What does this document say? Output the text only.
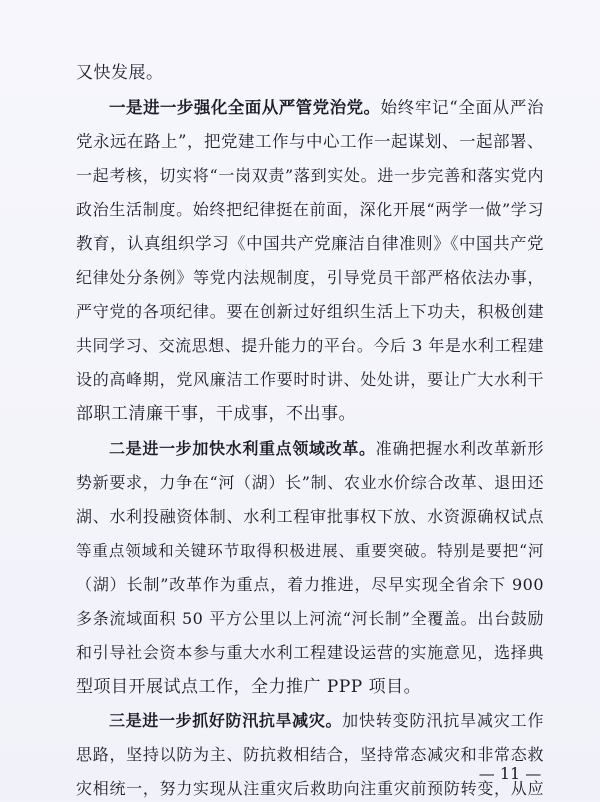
又快发展。
一是进一步强化全面从严管党治党。始终牢记“全面从严治
党永远在路上”，把党建工作与中心工作一起谋划、一起部署、
一起考核，切实将“一岗双责”落到实处。进一步完善和落实党内
政治生活制度。始终把纪律挺在前面，深化开展“两学一做”学习
教育，认真组织学习《中国共产党廉洁自律准则》《中国共产党
纪律处分条例》等党内法规制度，引导党员干部严格依法办事，
严守党的各项纪律。要在创新过好组织生活上下功夫，积极创建
共同学习、交流思想、提升能力的平台。今后 3 年是水利工程建
设的高峰期，党风廉洁工作要时时讲、处处讲，要让广大水利干
部职工清廉干事，干成事，不出事。
二是进一步加快水利重点领域改革。准确把握水利改革新形
势新要求，力争在“河（湖）长”制、农业水价综合改革、退田还
湖、水利投融资体制、水利工程审批事权下放、水资源确权试点
等重点领域和关键环节取得积极进展、重要突破。特别是要把“河
（湖）长制”改革作为重点，着力推进，尽早实现全省余下 900
多条流域面积 50 平方公里以上河流“河长制”全覆盖。出台鼓励
和引导社会资本参与重大水利工程建设运营的实施意见，选择典
型项目开展试点工作，全力推广 PPP 项目。
三是进一步抓好防汛抗旱减灾。加快转变防汛抗旱减灾工作
思路，坚持以防为主、防抗救相结合，坚持常态减灾和非常态救
灾相统一，努力实现从注重灾后救助向注重灾前预防转变，从应
— 11 —
